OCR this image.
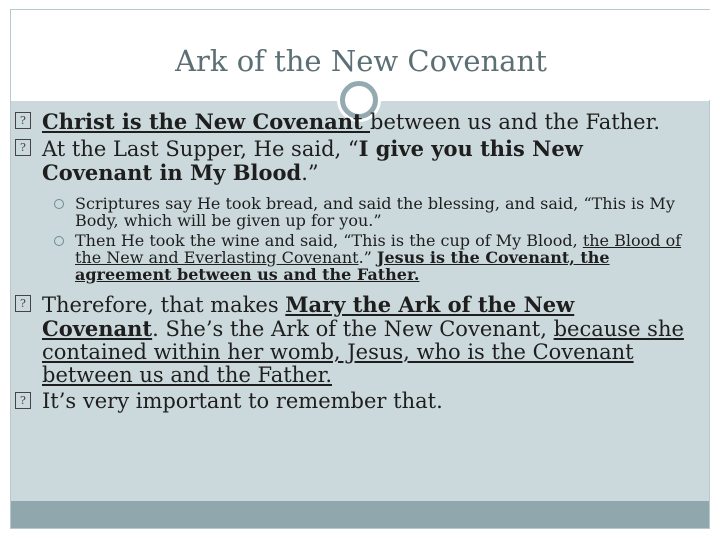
Ark of the New Covenant
? Christ is the New Covenant between us and the Father.
? At the Last Supper, He said, “I give you this New Covenant in My Blood.”
Scriptures say He took bread, and said the blessing, and said, “This is My Body, which will be given up for you.”
Then He took the wine and said, “This is the cup of My Blood, the Blood of the New and Everlasting Covenant.” Jesus is the Covenant, the agreement between us and the Father.
? Therefore, that makes Mary the Ark of the New Covenant. She’s the Ark of the New Covenant, because she contained within her womb, Jesus, who is the Covenant between us and the Father.
? It’s very important to remember that.
